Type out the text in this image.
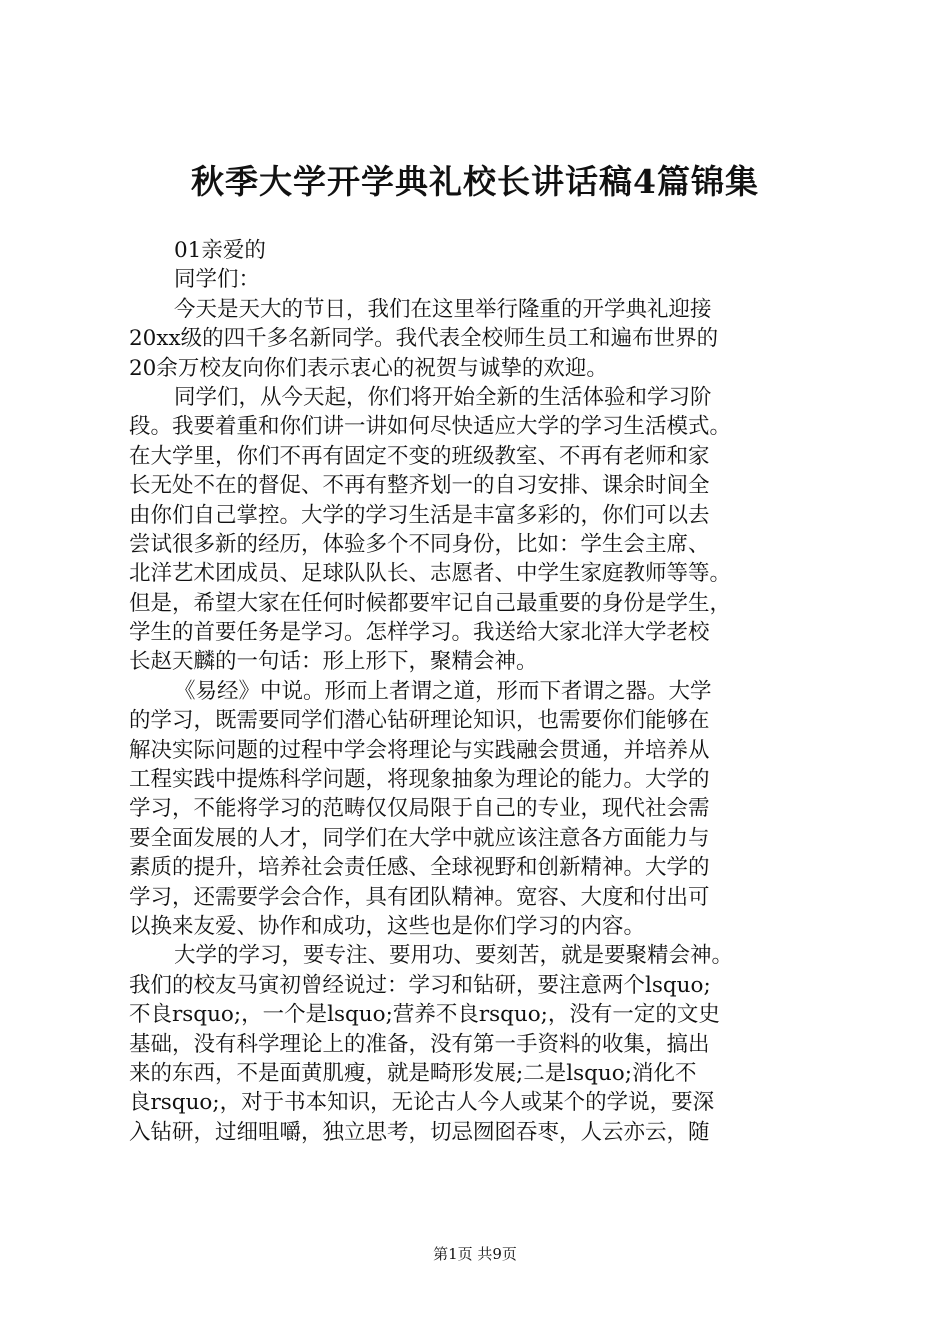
秋季大学开学典礼校长讲话稿4篇锦集
01亲爱的
同学们：
今天是天大的节日，我们在这里举行隆重的开学典礼迎接
20xx级的四千多名新同学。我代表全校师生员工和遍布世界的
20余万校友向你们表示衷心的祝贺与诚挚的欢迎。
同学们，从今天起，你们将开始全新的生活体验和学习阶
段。我要着重和你们讲一讲如何尽快适应大学的学习生活模式。
在大学里，你们不再有固定不变的班级教室、不再有老师和家
长无处不在的督促、不再有整齐划一的自习安排、课余时间全
由你们自己掌控。大学的学习生活是丰富多彩的，你们可以去
尝试很多新的经历，体验多个不同身份，比如：学生会主席、
北洋艺术团成员、足球队队长、志愿者、中学生家庭教师等等。
但是，希望大家在任何时候都要牢记自己最重要的身份是学生，
学生的首要任务是学习。怎样学习。我送给大家北洋大学老校
长赵天麟的一句话：形上形下，聚精会神。
《易经》中说。形而上者谓之道，形而下者谓之器。大学
的学习，既需要同学们潜心钻研理论知识，也需要你们能够在
解决实际问题的过程中学会将理论与实践融会贯通，并培养从
工程实践中提炼科学问题，将现象抽象为理论的能力。大学的
学习，不能将学习的范畴仅仅局限于自己的专业，现代社会需
要全面发展的人才，同学们在大学中就应该注意各方面能力与
素质的提升，培养社会责任感、全球视野和创新精神。大学的
学习，还需要学会合作，具有团队精神。宽容、大度和付出可
以换来友爱、协作和成功，这些也是你们学习的内容。
大学的学习，要专注、要用功、要刻苦，就是要聚精会神。
我们的校友马寅初曾经说过：学习和钻研，要注意两个lsquo;
不良rsquo;，一个是lsquo;营养不良rsquo;，没有一定的文史
基础，没有科学理论上的准备，没有第一手资料的收集，搞出
来的东西，不是面黄肌瘦，就是畸形发展;二是lsquo;消化不
良rsquo;，对于书本知识，无论古人今人或某个的学说，要深
入钻研，过细咀嚼，独立思考，切忌囫囵吞枣，人云亦云，随
第1页 共9页
